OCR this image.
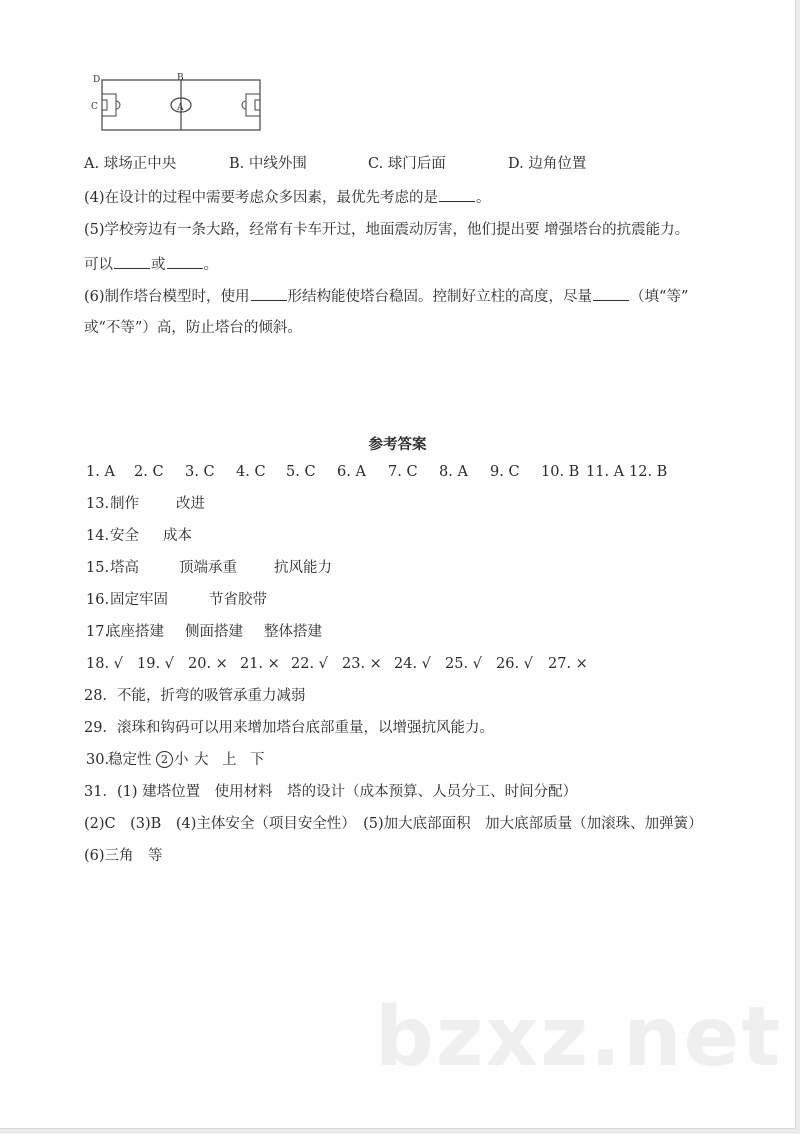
A
B
C
D
A. 球场正中央	B. 中线外围	C. 球门后面	D. 边角位置
(4)在设计的过程中需要考虑众多因素，最优先考虑的是	。
(5)学校旁边有一条大路，经常有卡车开过，地面震动厉害，他们提出要 增强塔台的抗震能力。
可以	或	。
(6)制作塔台模型时，使用	形结构能使塔台稳固。控制好立柱的高度，尽量	（填“等”
或“不等”）高，防止塔台的倾斜。
参考答案
1. A 2. C 3. C 4. C 5. C 6. A 7. C 8. A 9. C 10. B 11. A 12. B
13. 制作	改进
14. 安全 成本
15. 塔高	顶端承重	抗风能力
16. 固定牢固	节省胶带
17.
底座搭建 侧面搭建 整体搭建
18. √ 19. √ 20. × 21. × 22. √ 23. × 24. √ 25. √ 26. √ 27. ×
28．不能，折弯的吸管承重力减弱
29．滚珠和钩码可以用来增加塔台底部重量，以增强抗风能力。
30.
稳定性 2 小 大 上 下
31．(1) 建塔位置　使用材料　塔的设计（成本预算、人员分工、时间分配）
(2)C　(3)B　(4)主体安全（项目安全性）　(5)加大底部面积　加大底部质量（加滚珠、加弹簧）
(6)三角　等
bzxz.net
